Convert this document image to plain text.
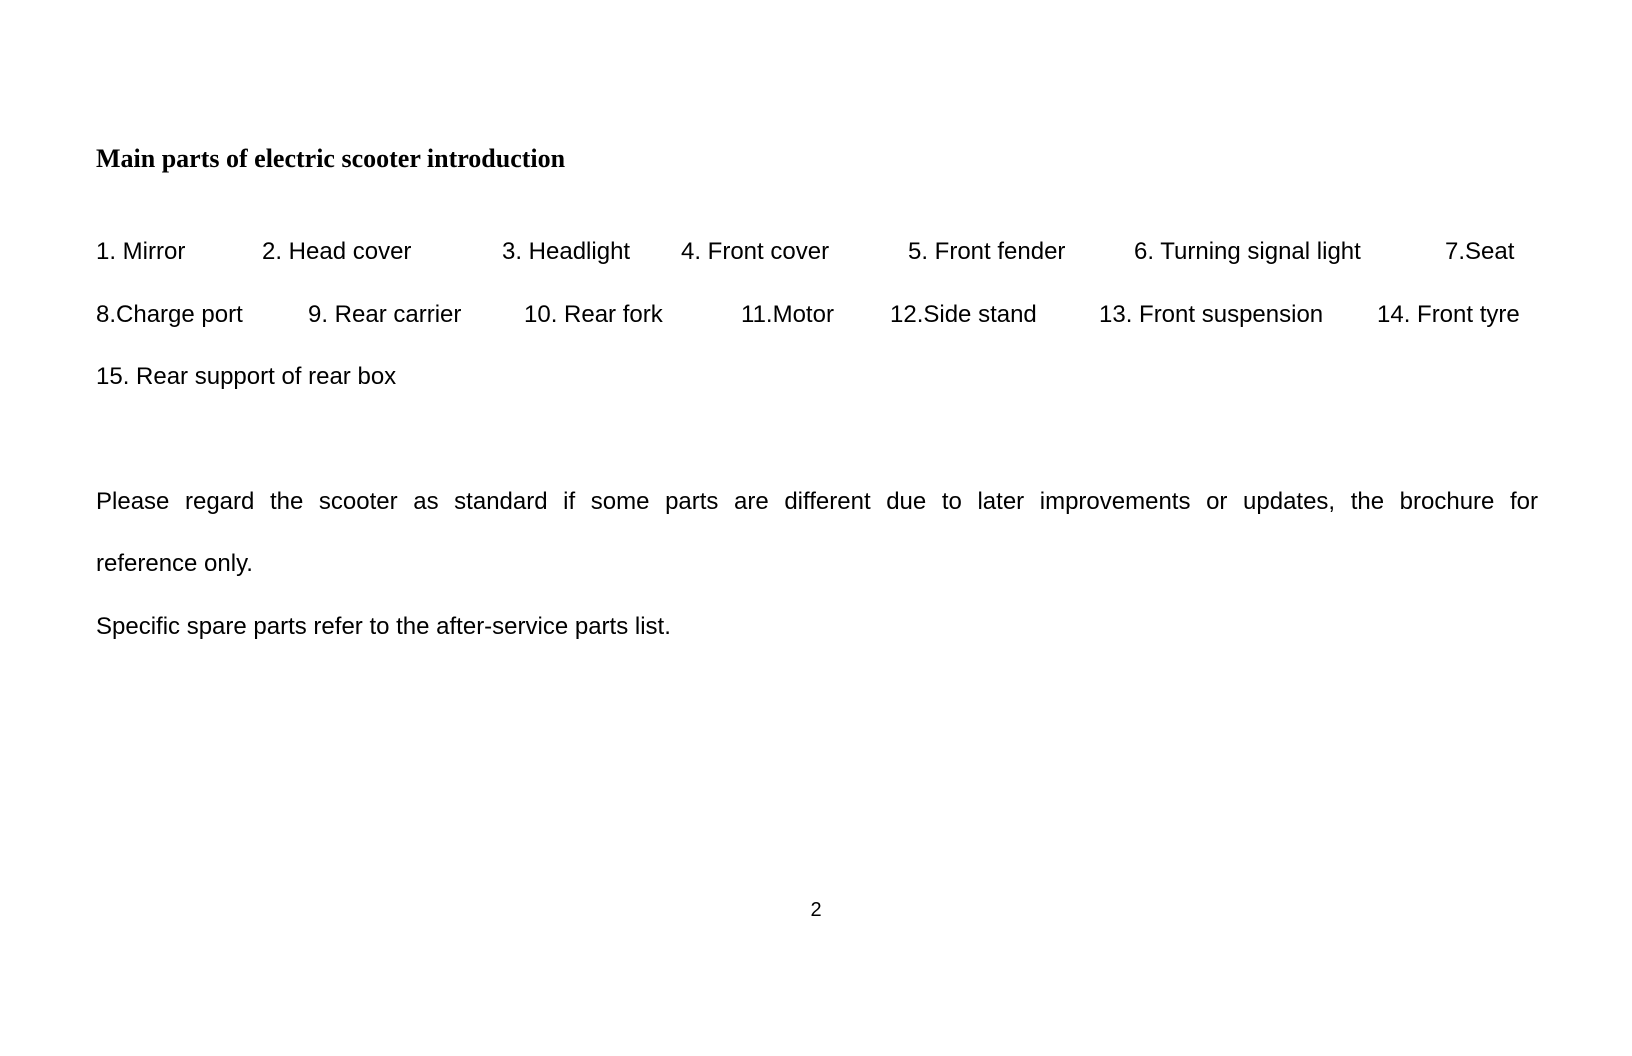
Main parts of electric scooter introduction
1. Mirror	2. Head cover	3. Headlight 4. Front cover	5. Front fender	6. Turning signal light	7.Seat
8.Charge port	9. Rear carrier	10. Rear fork	11.Motor 12.Side stand	13. Front suspension 14. Front tyre
15. Rear support of rear box
Please regard the scooter as standard if some parts are different due to later improvements or updates, the brochure for
reference only.
Specific spare parts refer to the after-service parts list.
2
